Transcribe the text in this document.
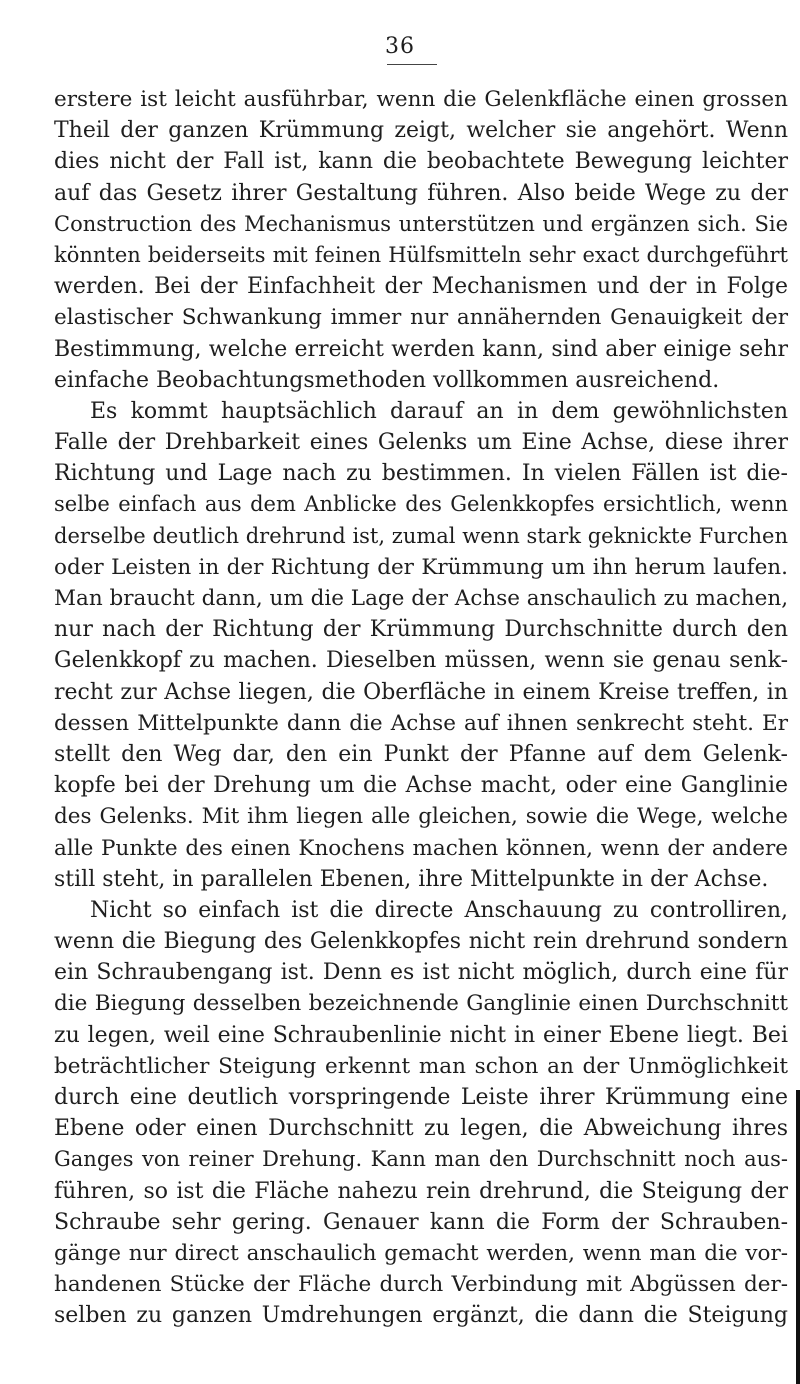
36
erstere ist leicht ausführbar, wenn die Gelenkfläche einen grossen
Theil der ganzen Krümmung zeigt, welcher sie angehört. Wenn
dies nicht der Fall ist, kann die beobachtete Bewegung leichter
auf das Gesetz ihrer Gestaltung führen. Also beide Wege zu der
Construction des Mechanismus unterstützen und ergänzen sich. Sie
könnten beiderseits mit feinen Hülfsmitteln sehr exact durchgeführt
werden. Bei der Einfachheit der Mechanismen und der in Folge
elastischer Schwankung immer nur annähernden Genauigkeit der
Bestimmung, welche erreicht werden kann, sind aber einige sehr
einfache Beobachtungsmethoden vollkommen ausreichend.
Es kommt hauptsächlich darauf an in dem gewöhnlichsten
Falle der Drehbarkeit eines Gelenks um Eine Achse, diese ihrer
Richtung und Lage nach zu bestimmen. In vielen Fällen ist die-
selbe einfach aus dem Anblicke des Gelenkkopfes ersichtlich, wenn
derselbe deutlich drehrund ist, zumal wenn stark geknickte Furchen
oder Leisten in der Richtung der Krümmung um ihn herum laufen.
Man braucht dann, um die Lage der Achse anschaulich zu machen,
nur nach der Richtung der Krümmung Durchschnitte durch den
Gelenkkopf zu machen. Dieselben müssen, wenn sie genau senk-
recht zur Achse liegen, die Oberfläche in einem Kreise treffen, in
dessen Mittelpunkte dann die Achse auf ihnen senkrecht steht. Er
stellt den Weg dar, den ein Punkt der Pfanne auf dem Gelenk-
kopfe bei der Drehung um die Achse macht, oder eine Ganglinie
des Gelenks. Mit ihm liegen alle gleichen, sowie die Wege, welche
alle Punkte des einen Knochens machen können, wenn der andere
still steht, in parallelen Ebenen, ihre Mittelpunkte in der Achse.
Nicht so einfach ist die directe Anschauung zu controlliren,
wenn die Biegung des Gelenkkopfes nicht rein drehrund sondern
ein Schraubengang ist. Denn es ist nicht möglich, durch eine für
die Biegung desselben bezeichnende Ganglinie einen Durchschnitt
zu legen, weil eine Schraubenlinie nicht in einer Ebene liegt. Bei
beträchtlicher Steigung erkennt man schon an der Unmöglichkeit
durch eine deutlich vorspringende Leiste ihrer Krümmung eine
Ebene oder einen Durchschnitt zu legen, die Abweichung ihres
Ganges von reiner Drehung. Kann man den Durchschnitt noch aus-
führen, so ist die Fläche nahezu rein drehrund, die Steigung der
Schraube sehr gering. Genauer kann die Form der Schrauben-
gänge nur direct anschaulich gemacht werden, wenn man die vor-
handenen Stücke der Fläche durch Verbindung mit Abgüssen der-
selben zu ganzen Umdrehungen ergänzt, die dann die Steigung
